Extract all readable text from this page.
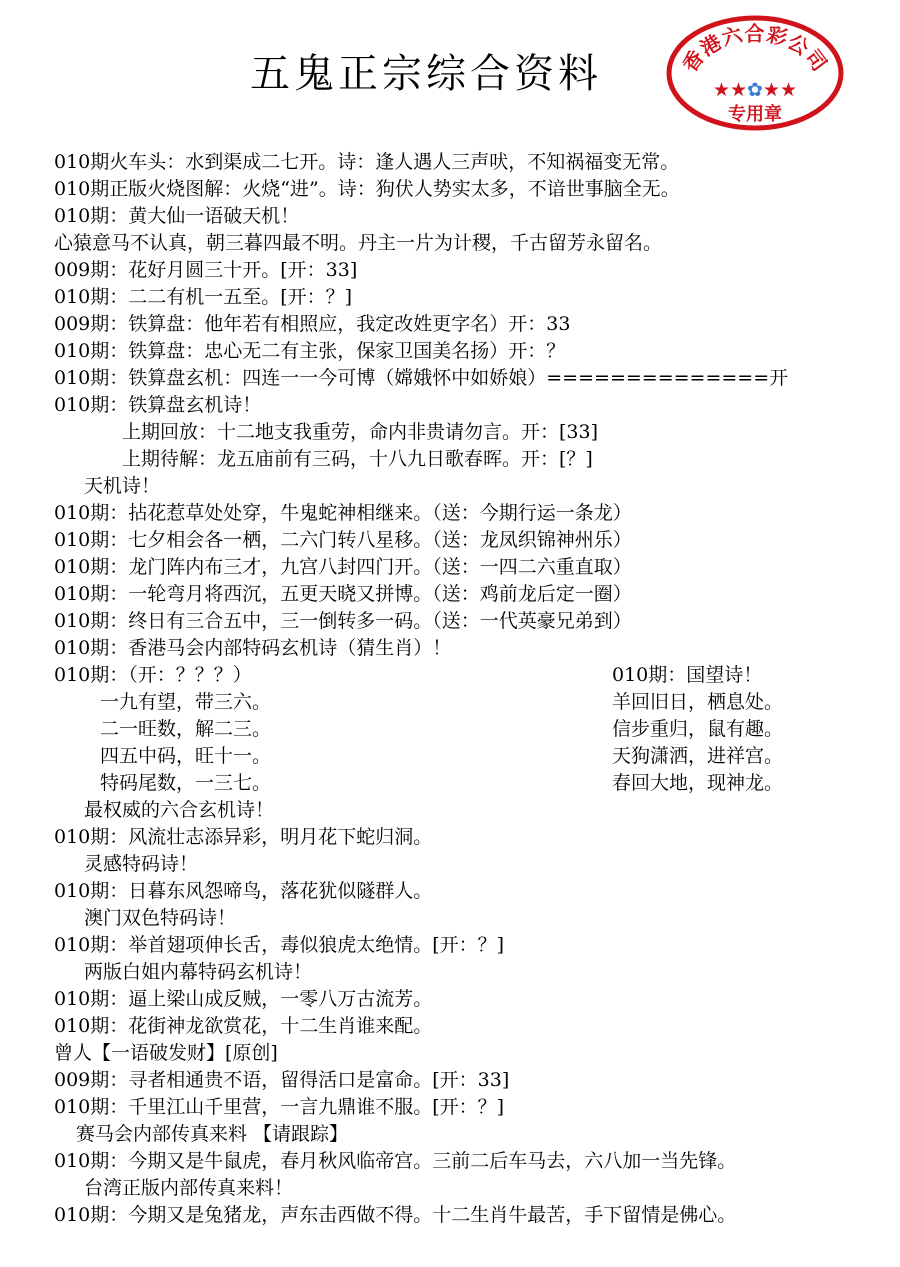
五鬼正宗综合资料	香港六合彩公司
★★✿★★
专用章
010期火车头：水到渠成二七开。诗：逢人遇人三声吠，不知祸福变无常。
010期正版火烧图解：火烧“进”。诗：狗伏人势实太多，不谙世事脑全无。
010期：黄大仙一语破天机！
心猿意马不认真，朝三暮四最不明。丹主一片为计稷，千古留芳永留名。
009期：花好月圆三十开。[开：33]
010期：二二有机一五至。[开：？]
009期：铁算盘：他年若有相照应，我定改姓更字名）开：33
010期：铁算盘：忠心无二有主张，保家卫国美名扬）开：？
010期：铁算盘玄机：四连一一今可博（嫦娥怀中如娇娘）==============开
010期：铁算盘玄机诗！
上期回放：十二地支我重劳，命内非贵请勿言。开：[33]
上期待解：龙五庙前有三码，十八九日歌春晖。开：[？]
天机诗！
010期：拈花惹草处处穿，牛鬼蛇神相继来。（送：今期行运一条龙）
010期：七夕相会各一栖，二六门转八星移。（送：龙凤织锦神州乐）
010期：龙门阵内布三才，九宫八封四门开。（送：一四二六重直取）
010期：一轮弯月将西沉，五更天晓又拼博。（送：鸡前龙后定一圈）
010期：终日有三合五中，三一倒转多一码。（送：一代英豪兄弟到）
010期：香港马会内部特码玄机诗（猜生肖）！
010期：（开：？？？）
一九有望，带三六。
二一旺数，解二三。
四五中码，旺十一。
特码尾数，一三七。
最权威的六合玄机诗！
010期：风流壮志添异彩，明月花下蛇归洞。
灵感特码诗！
010期：日暮东风怨啼鸟，落花犹似隧群人。
澳门双色特码诗！
010期：举首翅项伸长舌，毒似狼虎太绝情。[开：？]
两版白姐内幕特码玄机诗！
010期：逼上梁山成反贼，一零八万古流芳。
010期：花街神龙欲赏花，十二生肖谁来配。
曾人【一语破发财】[原创]
009期：寻者相通贵不语，留得活口是富命。[开：33]
010期：千里江山千里营，一言九鼎谁不服。[开：？]
赛马会内部传真来料 【请跟踪】
010期：今期又是牛鼠虎，春月秋风临帝宫。三前二后车马去，六八加一当先锋。
台湾正版内部传真来料！
010期：今期又是兔猪龙，声东击西做不得。十二生肖牛最苦，手下留情是佛心。
010期：国望诗！
羊回旧日，栖息处。
信步重归，鼠有趣。
天狗潇洒，进祥宫。
春回大地，现神龙。
